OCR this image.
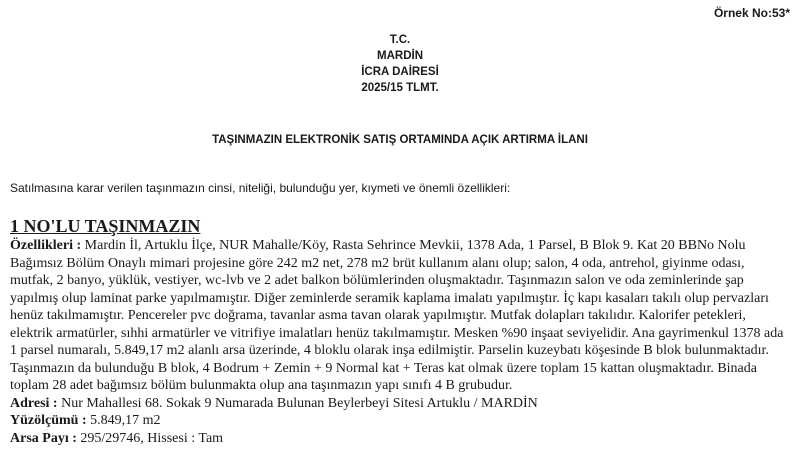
Örnek No:53*
T.C.
MARDİN
İCRA DAİRESİ
2025/15 TLMT.
TAŞINMAZIN ELEKTRONİK SATIŞ ORTAMINDA AÇIK ARTIRMA İLANI
Satılmasına karar verilen taşınmazın cinsi, niteliği, bulunduğu yer, kıymeti ve önemli özellikleri:
1 NO'LU TAŞINMAZIN

Özellikleri : Mardin İl, Artuklu İlçe, NUR Mahalle/Köy, Rasta Sehrince Mevkii, 1378 Ada, 1 Parsel, B Blok 9. Kat 20 BBNo Nolu Bağımsız Bölüm Onaylı mimari projesine göre 242 m2 net, 278 m2 brüt kullanım alanı olup; salon, 4 oda, antrehol, giyinme odası, mutfak, 2 banyo, yüklük, vestiyer, wc-lvb ve 2 adet balkon bölümlerinden oluşmaktadır. Taşınmazın salon ve oda zeminlerinde şap yapılmış olup laminat parke yapılmamıştır. Diğer zeminlerde seramik kaplama imalatı yapılmıştır. İç kapı kasaları takılı olup pervazları henüz takılmamıştır. Pencereler pvc doğrama, tavanlar asma tavan olarak yapılmıştır. Mutfak dolapları takılıdır. Kalorifer petekleri, elektrik armatürler, sıhhi armatürler ve vitrifiye imalatları henüz takılmamıştır. Mesken %90 inşaat seviyelidir. Ana gayrimenkul 1378 ada 1 parsel numaralı, 5.849,17 m2 alanlı arsa üzerinde, 4 bloklu olarak inşa edilmiştir. Parselin kuzeybatı köşesinde B blok bulunmaktadır. Taşınmazın da bulunduğu B blok, 4 Bodrum + Zemin + 9 Normal kat + Teras kat olmak üzere toplam 15 kattan oluşmaktadır. Binada toplam 28 adet bağımsız bölüm bulunmakta olup ana taşınmazın yapı sınıfı 4 B grubudur.

Adresi : Nur Mahallesi 68. Sokak 9 Numarada Bulunan Beylerbeyi Sitesi Artuklu / MARDİN

Yüzölçümü : 5.849,17 m2

Arsa Payı : 295/29746, Hissesi : Tam
